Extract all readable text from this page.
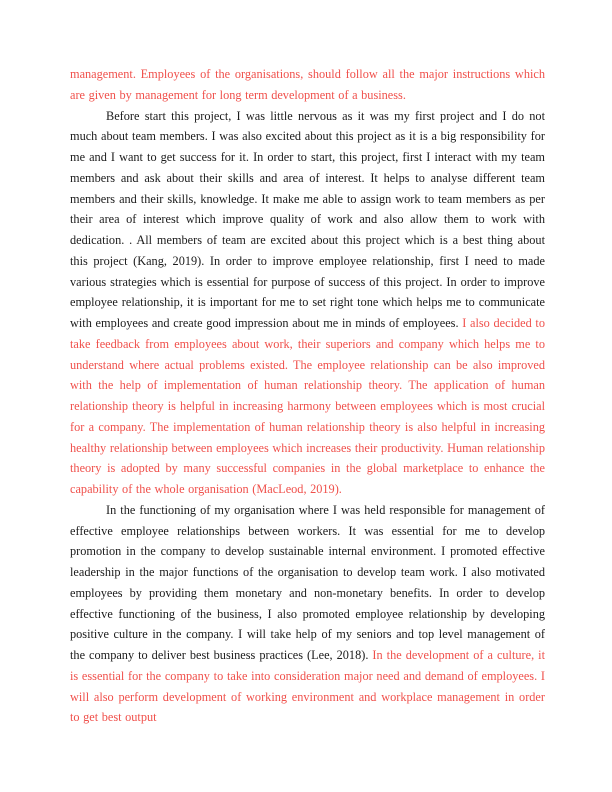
management. Employees of the organisations, should follow all the major instructions which are given by management for long term development of a business.

Before start this project, I was little nervous as it was my first project and I do not much about team members. I was also excited about this project as it is a big responsibility for me and I want to get success for it. In order to start, this project, first I interact with my team members and ask about their skills and area of interest. It helps to analyse different team members and their skills, knowledge. It make me able to assign work to team members as per their area of interest which improve quality of work and also allow them to work with dedication. . All members of team are excited about this project which is a best thing about this project (Kang, 2019). In order to improve employee relationship, first I need to made various strategies which is essential for purpose of success of this project. In order to improve employee relationship, it is important for me to set right tone which helps me to communicate with employees and create good impression about me in minds of employees. I also decided to take feedback from employees about work, their superiors and company which helps me to understand where actual problems existed. The employee relationship can be also improved with the help of implementation of human relationship theory. The application of human relationship theory is helpful in increasing harmony between employees which is most crucial for a company. The implementation of human relationship theory is also helpful in increasing healthy relationship between employees which increases their productivity. Human relationship theory is adopted by many successful companies in the global marketplace to enhance the capability of the whole organisation (MacLeod, 2019).

In the functioning of my organisation where I was held responsible for management of effective employee relationships between workers. It was essential for me to develop promotion in the company to develop sustainable internal environment. I promoted effective leadership in the major functions of the organisation to develop team work. I also motivated employees by providing them monetary and non-monetary benefits. In order to develop effective functioning of the business, I also promoted employee relationship by developing positive culture in the company. I will take help of my seniors and top level management of the company to deliver best business practices (Lee, 2018). In the development of a culture, it is essential for the company to take into consideration major need and demand of employees. I will also perform development of working environment and workplace management in order to get best output
